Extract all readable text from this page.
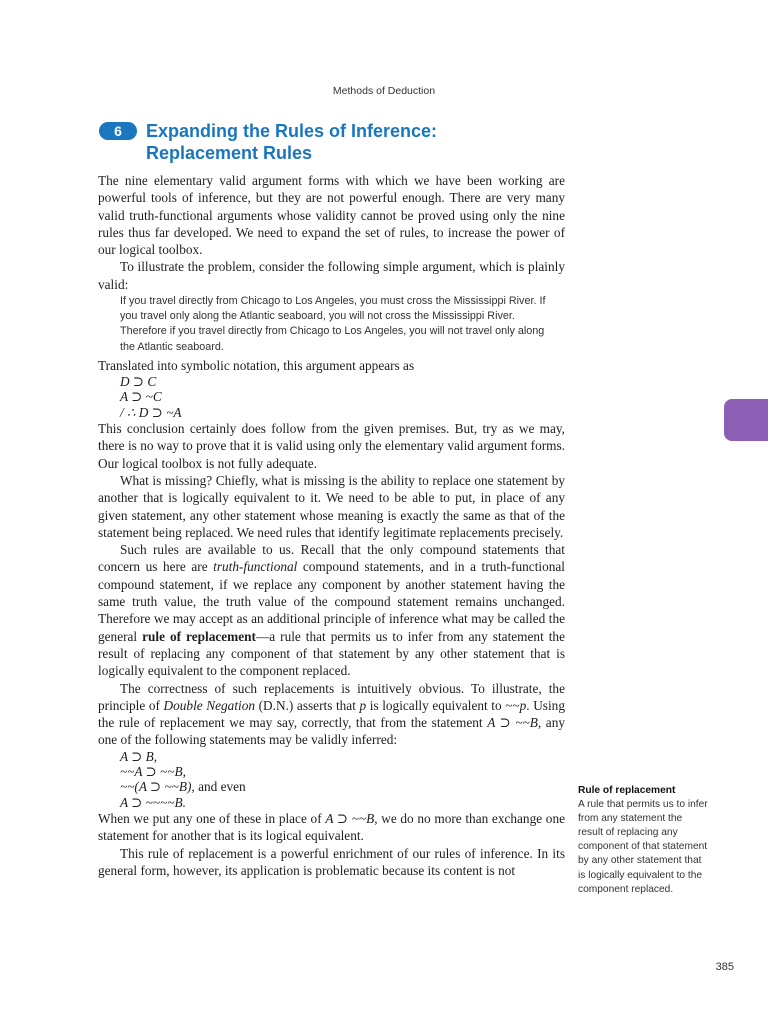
Methods of Deduction
6	Expanding the Rules of Inference:
Replacement Rules

The nine elementary valid argument forms with which we have been working are powerful tools of inference, but they are not powerful enough. There are very many valid truth-functional arguments whose validity cannot be proved using only the nine rules thus far developed. We need to expand the set of rules, to increase the power of our logical toolbox.

To illustrate the problem, consider the following simple argument, which is plainly valid:

If you travel directly from Chicago to Los Angeles, you must cross the Mississippi River. If you travel only along the Atlantic seaboard, you will not cross the Mississippi River. Therefore if you travel directly from Chicago to Los Angeles, you will not travel only along the Atlantic seaboard.

Translated into symbolic notation, this argument appears as

D ⊃ C
A ⊃ ~C
/ ∴ D ⊃ ~A

This conclusion certainly does follow from the given premises. But, try as we may, there is no way to prove that it is valid using only the elementary valid argument forms. Our logical toolbox is not fully adequate.

What is missing? Chiefly, what is missing is the ability to replace one statement by another that is logically equivalent to it. We need to be able to put, in place of any given statement, any other statement whose meaning is exactly the same as that of the statement being replaced. We need rules that identify legitimate replacements precisely.

Such rules are available to us. Recall that the only compound statements that concern us here are truth-functional compound statements, and in a truth-functional compound statement, if we replace any component by another statement having the same truth value, the truth value of the compound statement remains unchanged. Therefore we may accept as an additional principle of inference what may be called the general rule of replacement—a rule that permits us to infer from any statement the result of replacing any component of that statement by any other statement that is logically equivalent to the component replaced.

The correctness of such replacements is intuitively obvious. To illustrate, the principle of Double Negation (D.N.) asserts that p is logically equivalent to ~~p. Using the rule of replacement we may say, correctly, that from the statement A ⊃ ~~B, any one of the following statements may be validly inferred:

A ⊃ B,
~~A ⊃ ~~B,
~~(A ⊃ ~~B), and even
A ⊃ ~~~~B.

When we put any one of these in place of A ⊃ ~~B, we do no more than exchange one statement for another that is its logical equivalent.

This rule of replacement is a powerful enrichment of our rules of inference. In its general form, however, its application is problematic because its content is not

Rule of replacement
A rule that permits us to infer from any statement the result of replacing any component of that statement by any other statement that is logically equivalent to the component replaced.
385
